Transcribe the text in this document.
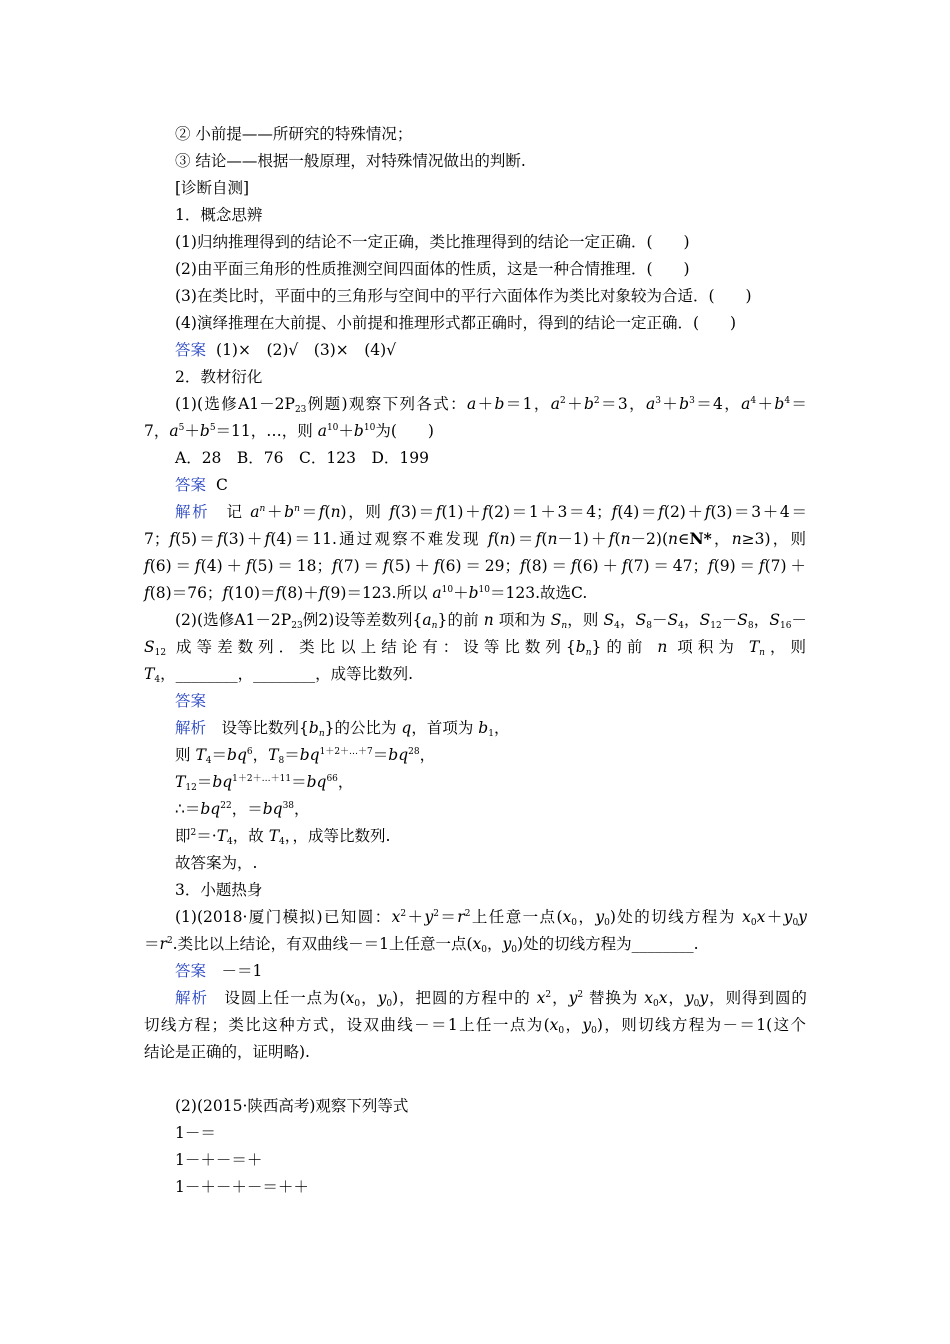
② 小前提——所研究的特殊情况；
③ 结论——根据一般原理，对特殊情况做出的判断.
[诊断自测]
1．概念思辨
(1)归纳推理得到的结论不一定正确，类比推理得到的结论一定正确．(　　)
(2)由平面三角形的性质推测空间四面体的性质，这是一种合情推理．(　　)
(3)在类比时，平面中的三角形与空间中的平行六面体作为类比对象较为合适．(　　)
(4)演绎推理在大前提、小前提和推理形式都正确时，得到的结论一定正确．(　　)
答案 (1)×　(2)√　(3)×　(4)√
2．教材衍化
(1)(选修$A1-2P_{23}$例题)观察下列各式：a＋b＝1，$a^2+b^2=3$，$a^3+b^3=4$，$a^4+b^4=$
7，$a^5+b^5=11$，…，则 $a^{10}+b^{10}$为(　　)
A．28　B．76　C．123　D．199
答案 C
解析　记 $a^n+b^n=f(n)$，则 f(3)＝f(1)＋f(2)＝1＋3＝4；f(4)＝f(2)＋f(3)＝3＋4＝
7；f(5)＝f(3)＋f(4)＝11.通过观察不难发现 f(n)＝f(n－1)＋f(n－2)(n∈N*，n≥3)，则
f(6)＝f(4)＋f(5)＝18；f(7)＝f(5)＋f(6)＝29；f(8)＝f(6)＋f(7)＝47；f(9)＝f(7)＋
f(8)＝76；f(10)＝f(8)＋f(9)＝123.所以 $a^{10}+b^{10}=123$.故选C.
(2)(选修$A1-2P_{23}$例2)设等差数列$\{a_n\}$的前 n 项和为 $S_n$，则 $S_4$，$S_8-S_4$，$S_{12}-S_8$，$S_{16}-$
$S_{12}$ 成等差数列．类比以上结论有：设等比数列$\{b_n\}$的前 n 项积为 $T_n$，则
$T_4$，________，________，成等比数列.
答案
解析　设等比数列$\{b_n\}$的公比为 q，首项为 $b_1$，
则 $T_4=bq^6$，$T_8=bq^{1+2+\dots+7}=bq^{28}$，
$T_{12}=bq^{1+2+\dots+11}=bq^{66}$，
$\therefore=bq^{22}$，$=bq^{38}$，
即$^2=\cdot T_4$，故 $T_4$，，成等比数列.
故答案为，.
3．小题热身
(1)(2018·厦门模拟)已知圆：$x^2+y^2=r^2$上任意一点($x_0$，$y_0$)处的切线方程为 $x_0x+y_0y$
$=r^2$.类比以上结论，有双曲线－＝1上任意一点($x_0$，$y_0$)处的切线方程为________.
答案　－＝1
解析　设圆上任一点为($x_0$，$y_0$)，把圆的方程中的 $x^2$，$y^2$ 替换为 $x_0x$，$y_0y$，则得到圆的
切线方程；类比这种方式，设双曲线－＝1上任一点为($x_0$，$y_0$)，则切线方程为－＝1(这个
结论是正确的，证明略).
(2)(2015·陕西高考)观察下列等式
1－＝
1－＋－＝＋
1－＋－＋－＝＋＋
